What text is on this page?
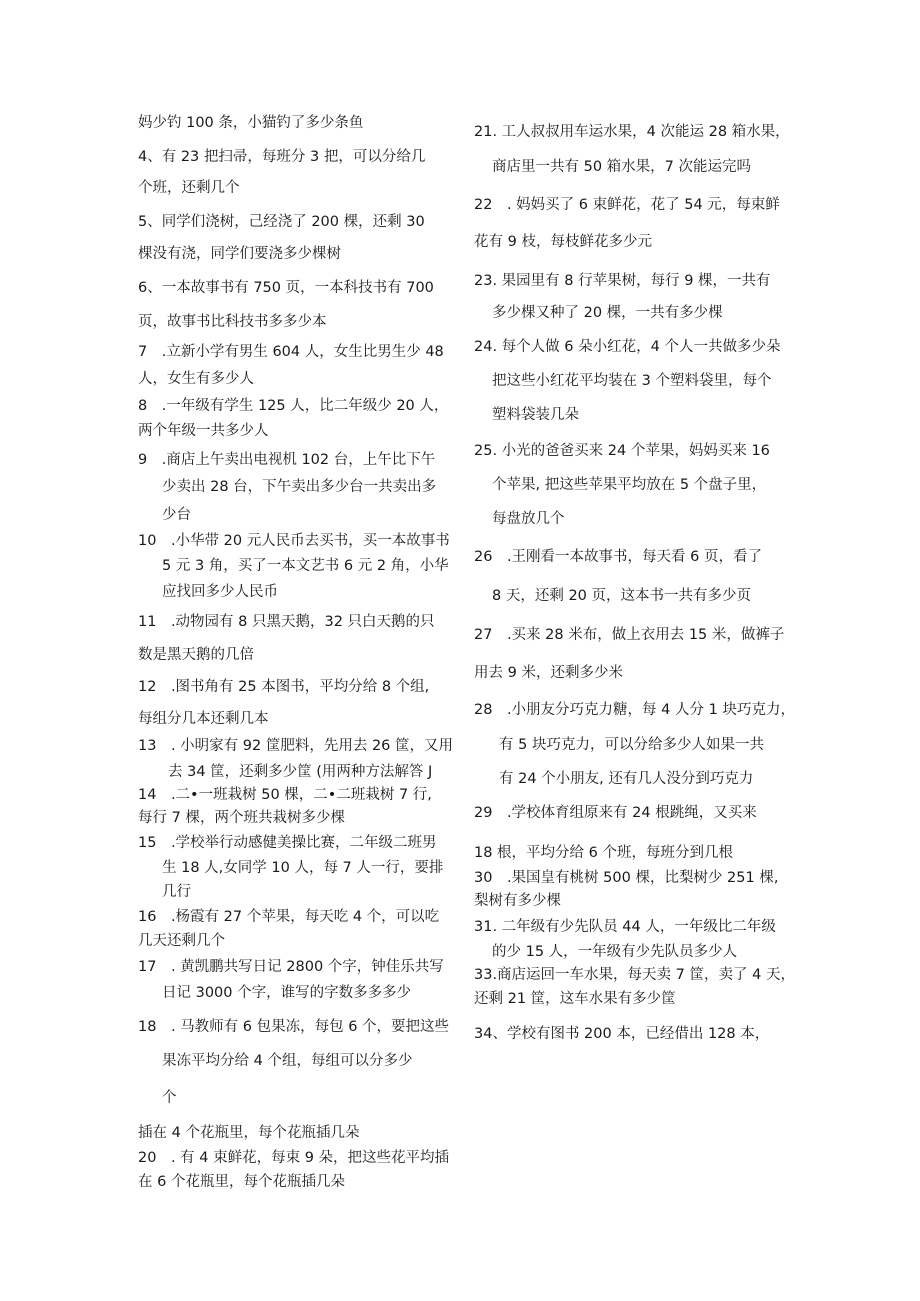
妈少钓 100 条，小猫钓了多少条鱼
4、有 23 把扫帚，每班分 3 把，可以分给几
个班，还剩几个
5、同学们浇树，己经浇了 200 棵，还剩 30
棵没有浇，同学们要浇多少棵树
6、一本故事书有 750 页，一本科技书有 700
页，故事书比科技书多多少本
7　.立新小学有男生 604 人，女生比男生少 48
人，女生有多少人
8　.一年级有学生 125 人，比二年级少 20 人，
两个年级一共多少人
9　.商店上午卖出电视机 102 台，上午比下午
少卖出 28 台，下午卖出多少台一共卖出多
少台
10　.小华带 20 元人民币去买书，买一本故事书
5 元 3 角，买了一本文艺书 6 元 2 角，小华
应找回多少人民币
11　.动物园有 8 只黑天鹅，32 只白天鹅的只
数是黑天鹅的几倍
12　.图书角有 25 本图书，平均分给 8 个组,
每组分几本还剩几本
13　. 小明家有 92 筐肥料，先用去 26 筐，又用
去 34 筐，还剩多少筐 (用两种方法解答 J
14　.二•一班栽树 50 棵，二•二班栽树 7 行,
每行 7 棵，两个班共栽树多少棵
15　.学校举行动感健美操比赛，二年级二班男
生 18 人,女同学 10 人，每 7 人一行，要排
几行
16　.杨霞有 27 个苹果，每天吃 4 个，可以吃
几天还剩几个
17　. 黄凯鹏共写日记 2800 个字，钟佳乐共写
日记 3000 个字，谁写的字数多多多少
18　. 马教师有 6 包果冻，每包 6 个，要把这些
果冻平均分给 4 个组，每组可以分多少
个
插在 4 个花瓶里，每个花瓶插几朵
20　. 有 4 束鲜花，每束 9 朵，把这些花平均插
在 6 个花瓶里，每个花瓶插几朵
21. 工人叔叔用车运水果，4 次能运 28 箱水果，
商店里一共有 50 箱水果，7 次能运完吗
22　. 妈妈买了 6 束鲜花，花了 54 元，每束鲜
花有 9 枝，每枝鲜花多少元
23. 果园里有 8 行苹果树，每行 9 棵，一共有
多少棵又种了 20 棵，一共有多少棵
24. 每个人做 6 朵小红花，4 个人一共做多少朵
把这些小红花平均装在 3 个塑料袋里，每个
塑料袋装几朵
25. 小光的爸爸买来 24 个苹果，妈妈买来 16
个苹果, 把这些苹果平均放在 5 个盘子里，
每盘放几个
26　.王刚看一本故事书，每天看 6 页，看了
8 天，还剩 20 页，这本书一共有多少页
27　.买来 28 米布，做上衣用去 15 米，做裤子
用去 9 米，还剩多少米
28　.小朋友分巧克力糖，每 4 人分 1 块巧克力，
有 5 块巧克力，可以分给多少人如果一共
有 24 个小朋友, 还有几人没分到巧克力
29　.学校体育组原来有 24 根跳绳，又买来
18 根，平均分给 6 个班，每班分到几根
30　.果国皇有桃树 500 棵，比梨树少 251 棵,
梨树有多少棵
31. 二年级有少先队员 44 人，一年级比二年级
的少 15 人，一年级有少先队员多少人
33.商店运回一车水果，每天卖 7 筐，卖了 4 天，
还剩 21 筐，这车水果有多少筐
34、学校有图书 200 本，已经借出 128 本，
